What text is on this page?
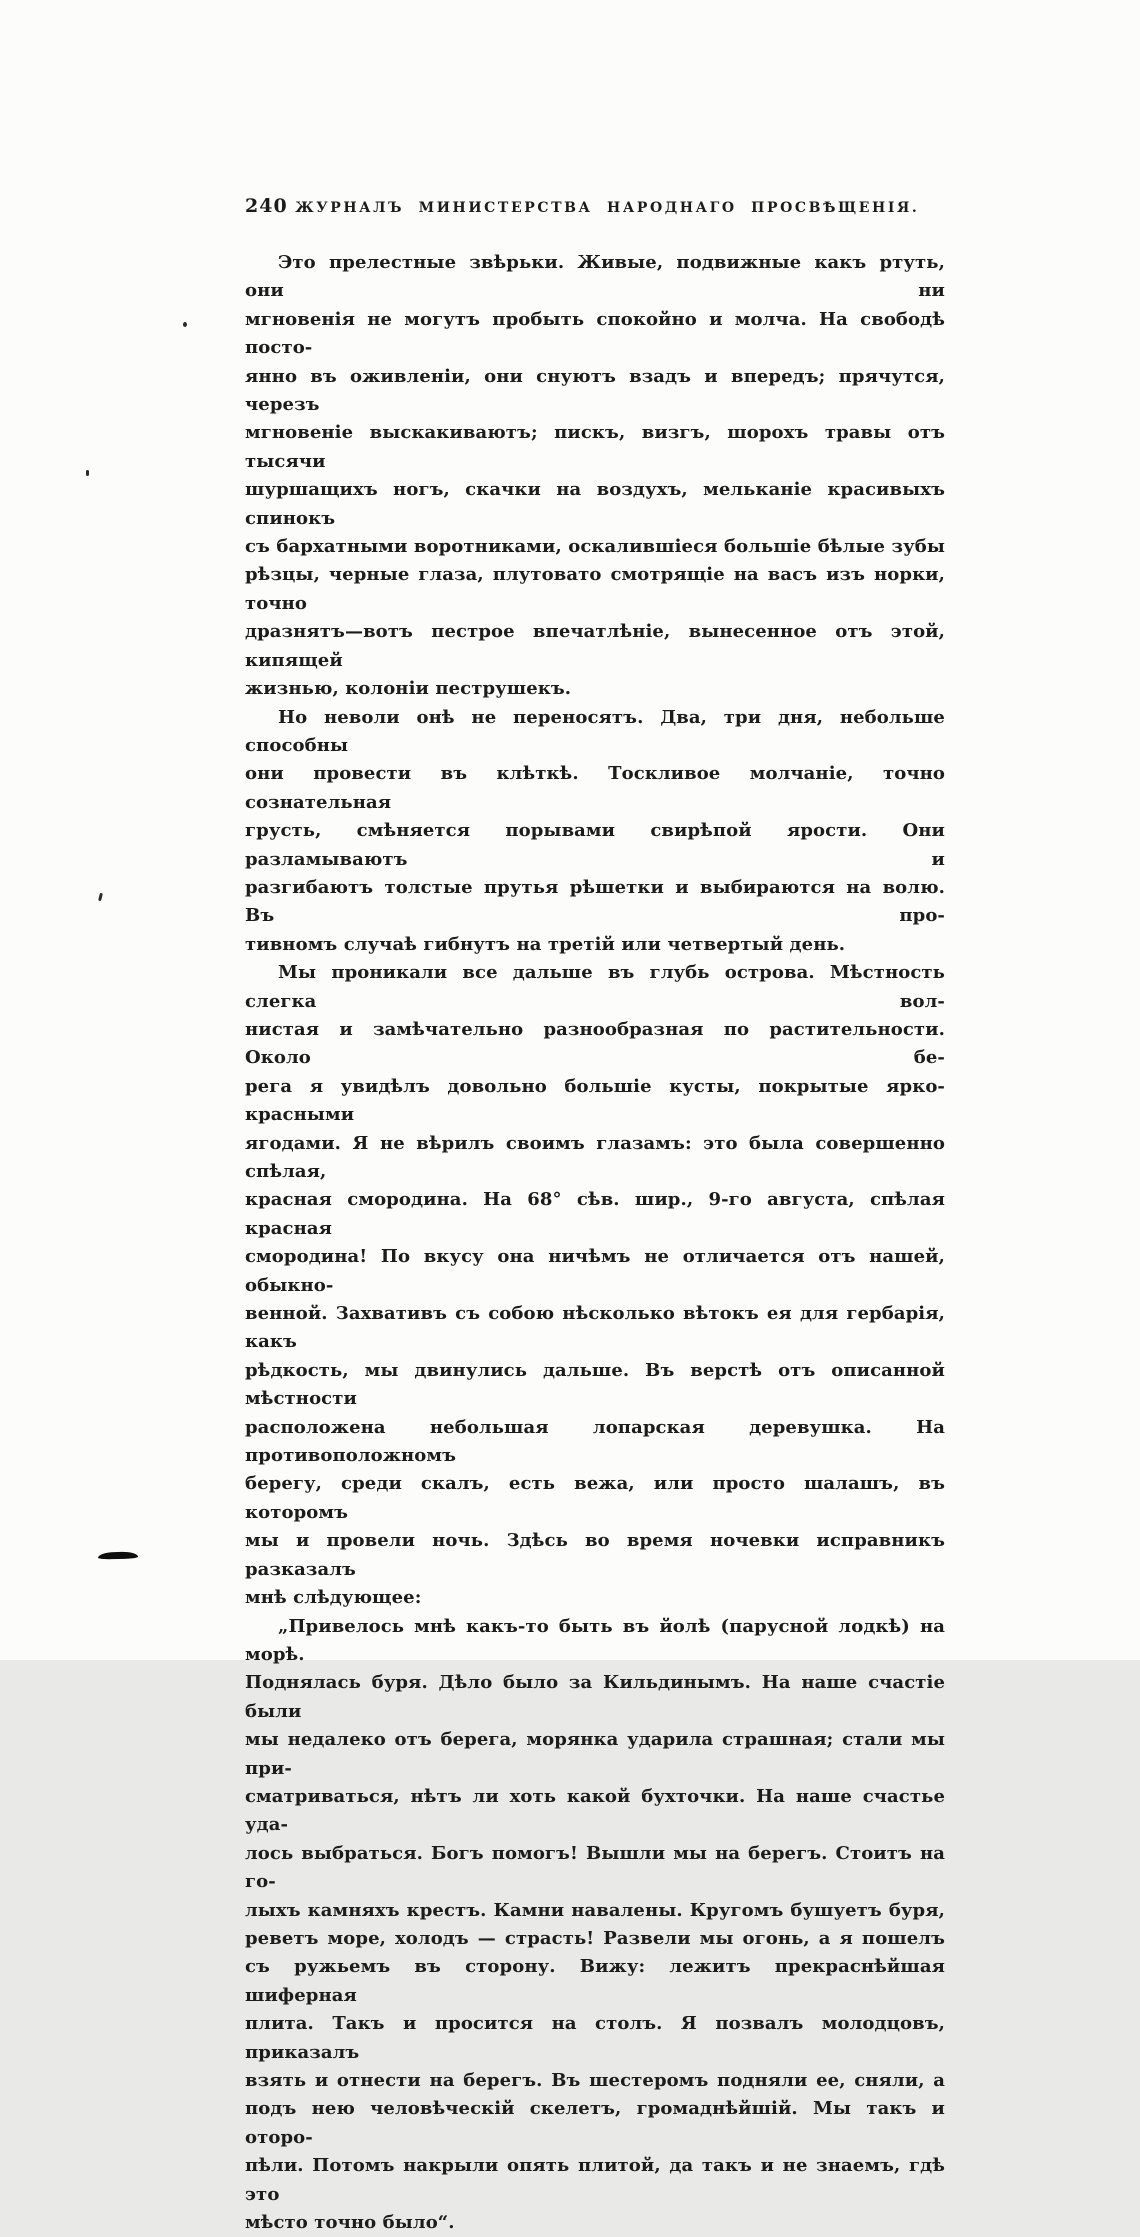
240 ЖУРНАЛЪ МИНИСТЕРСТВА НАРОДНАГО ПРОСВѢЩЕНІЯ.
Это прелестные звѣрьки. Живые, подвижные какъ ртуть, они ни
мгновенія не могутъ пробыть спокойно и молча. На свободѣ посто-
янно въ оживленіи, они снуютъ взадъ и впередъ; прячутся, черезъ
мгновеніе выскакиваютъ; пискъ, визгъ, шорохъ травы отъ тысячи
шуршащихъ ногъ, скачки на воздухъ, мельканіе красивыхъ спинокъ
съ бархатными воротниками, оскалившіеся большіе бѣлые зубы
рѣзцы, черные глаза, плутовато смотрящіе на васъ изъ норки, точно
дразнятъ—вотъ пестрое впечатлѣніе, вынесенное отъ этой, кипящей
жизнью, колоніи пеструшекъ.
Но неволи онѣ не переносятъ. Два, три дня, небольше способны
они провести въ клѣткѣ. Тоскливое молчаніе, точно сознательная
грусть, смѣняется порывами свирѣпой ярости. Они разламываютъ и
разгибаютъ толстые прутья рѣшетки и выбираются на волю. Въ про-
тивномъ случаѣ гибнутъ на третій или четвертый день.
Мы проникали все дальше въ глубь острова. Мѣстность слегка вол-
нистая и замѣчательно разнообразная по растительности. Около бе-
рега я увидѣлъ довольно большіе кусты, покрытые ярко-красными
ягодами. Я не вѣрилъ своимъ глазамъ: это была совершенно спѣлая,
красная смородина. На 68° сѣв. шир., 9-го августа, спѣлая красная
смородина! По вкусу она ничѣмъ не отличается отъ нашей, обыкно-
венной. Захвативъ съ собою нѣсколько вѣтокъ ея для гербарія, какъ
рѣдкость, мы двинулись дальше. Въ верстѣ отъ описанной мѣстности
расположена небольшая лопарская деревушка. На противоположномъ
берегу, среди скалъ, есть вежа, или просто шалашъ, въ которомъ
мы и провели ночь. Здѣсь во время ночевки исправникъ разказалъ
мнѣ слѣдующее:
„Привелось мнѣ какъ-то быть въ йолѣ (парусной лодкѣ) на морѣ.
Поднялась буря. Дѣло было за Кильдинымъ. На наше счастіе были
мы недалеко отъ берега, морянка ударила страшная; стали мы при-
сматриваться, нѣтъ ли хоть какой бухточки. На наше счастье уда-
лось выбраться. Богъ помогъ! Вышли мы на берегъ. Стоитъ на го-
лыхъ камняхъ крестъ. Камни навалены. Кругомъ бушуетъ буря,
реветъ море, холодъ — страсть! Развели мы огонь, а я пошелъ
съ ружьемъ въ сторону. Вижу: лежитъ прекраснѣйшая шиферная
плита. Такъ и просится на столъ. Я позвалъ молодцовъ, приказалъ
взять и отнести на берегъ. Въ шестеромъ подняли ее, сняли, а
подъ нею человѣческій скелетъ, громаднѣйшій. Мы такъ и оторо-
пѣли. Потомъ накрыли опять плитой, да такъ и не знаемъ, гдѣ это
мѣсто точно было“.
